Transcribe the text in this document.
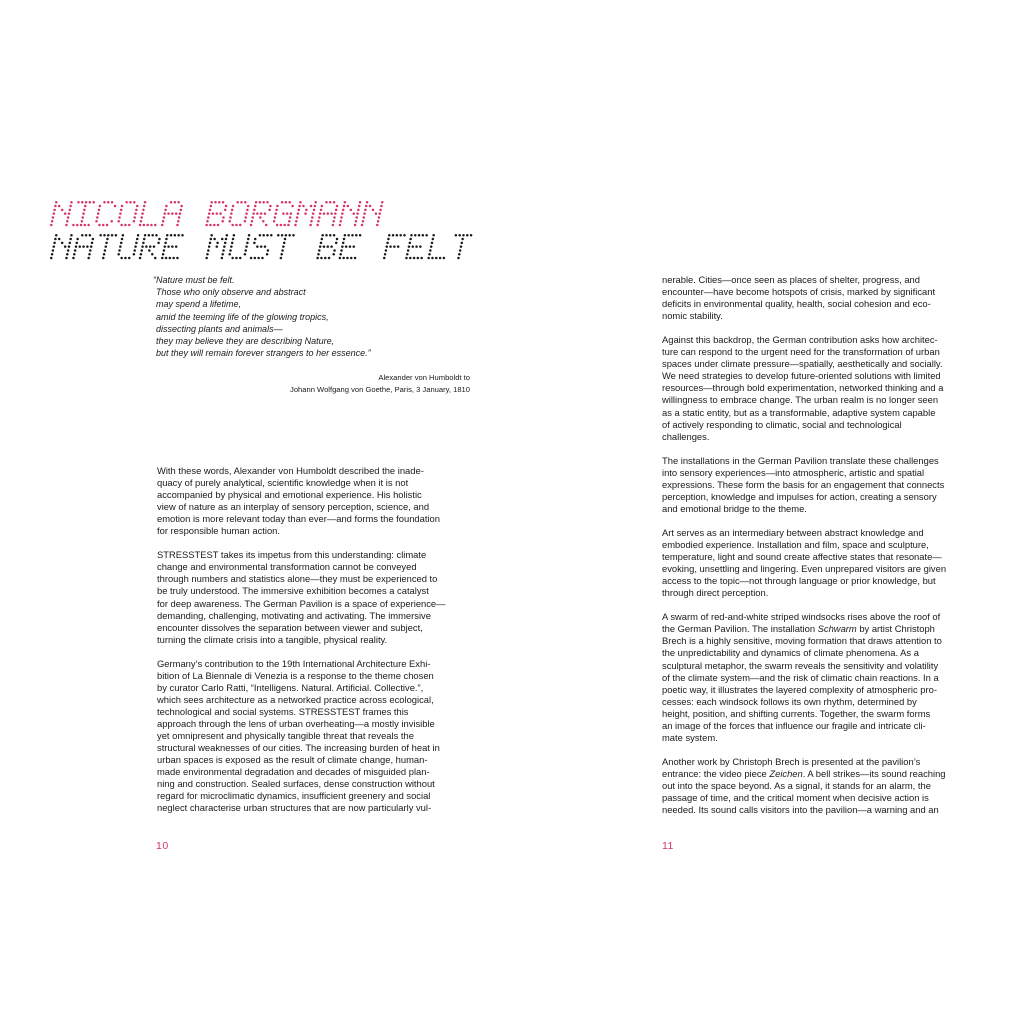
“Nature must be felt.
Those who only observe and abstract
may spend a lifetime,
amid the teeming life of the glowing tropics,
dissecting plants and animals—
they may believe they are describing Nature,
but they will remain forever strangers to her essence.”
Alexander von Humboldt to
Johann Wolfgang von Goethe, Paris, 3 January, 1810

With these words, Alexander von Humboldt described the inade-
quacy of purely analytical, scientific knowledge when it is not
accompanied by physical and emotional experience. His holistic
view of nature as an interplay of sensory perception, science, and
emotion is more relevant today than ever—and forms the foundation
for responsible human action.

STRESSTEST takes its impetus from this understanding: climate
change and environmental transformation cannot be conveyed
through numbers and statistics alone—they must be experienced to
be truly understood. The immersive exhibition becomes a catalyst
for deep awareness. The German Pavilion is a space of experience—
demanding, challenging, motivating and activating. The immersive
encounter dissolves the separation between viewer and subject,
turning the climate crisis into a tangible, physical reality.

Germany’s contribution to the 19th International Architecture Exhi-
bition of La Biennale di Venezia is a response to the theme chosen
by curator Carlo Ratti, “Intelligens. Natural. Artificial. Collective.”,
which sees architecture as a networked practice across ecological,
technological and social systems. STRESSTEST frames this
approach through the lens of urban overheating—a mostly invisible
yet omnipresent and physically tangible threat that reveals the
structural weaknesses of our cities. The increasing burden of heat in
urban spaces is exposed as the result of climate change, human-
made environmental degradation and decades of misguided plan-
ning and construction. Sealed surfaces, dense construction without
regard for microclimatic dynamics, insufficient greenery and social
neglect characterise urban structures that are now particularly vul-

10

nerable. Cities—once seen as places of shelter, progress, and
encounter—have become hotspots of crisis, marked by significant
deficits in environmental quality, health, social cohesion and eco-
nomic stability.

Against this backdrop, the German contribution asks how architec-
ture can respond to the urgent need for the transformation of urban
spaces under climate pressure—spatially, aesthetically and socially.
We need strategies to develop future-oriented solutions with limited
resources—through bold experimentation, networked thinking and a
willingness to embrace change. The urban realm is no longer seen
as a static entity, but as a transformable, adaptive system capable
of actively responding to climatic, social and technological
challenges.

The installations in the German Pavilion translate these challenges
into sensory experiences—into atmospheric, artistic and spatial
expressions. These form the basis for an engagement that connects
perception, knowledge and impulses for action, creating a sensory
and emotional bridge to the theme.

Art serves as an intermediary between abstract knowledge and
embodied experience. Installation and film, space and sculpture,
temperature, light and sound create affective states that resonate—
evoking, unsettling and lingering. Even unprepared visitors are given
access to the topic—not through language or prior knowledge, but
through direct perception.

A swarm of red-and-white striped windsocks rises above the roof of
the German Pavilion. The installation Schwarm by artist Christoph
Brech is a highly sensitive, moving formation that draws attention to
the unpredictability and dynamics of climate phenomena. As a
sculptural metaphor, the swarm reveals the sensitivity and volatility
of the climate system—and the risk of climatic chain reactions. In a
poetic way, it illustrates the layered complexity of atmospheric pro-
cesses: each windsock follows its own rhythm, determined by
height, position, and shifting currents. Together, the swarm forms
an image of the forces that influence our fragile and intricate cli-
mate system.

Another work by Christoph Brech is presented at the pavilion’s
entrance: the video piece Zeichen. A bell strikes—its sound reaching
out into the space beyond. As a signal, it stands for an alarm, the
passage of time, and the critical moment when decisive action is
needed. Its sound calls visitors into the pavilion—a warning and an

11
